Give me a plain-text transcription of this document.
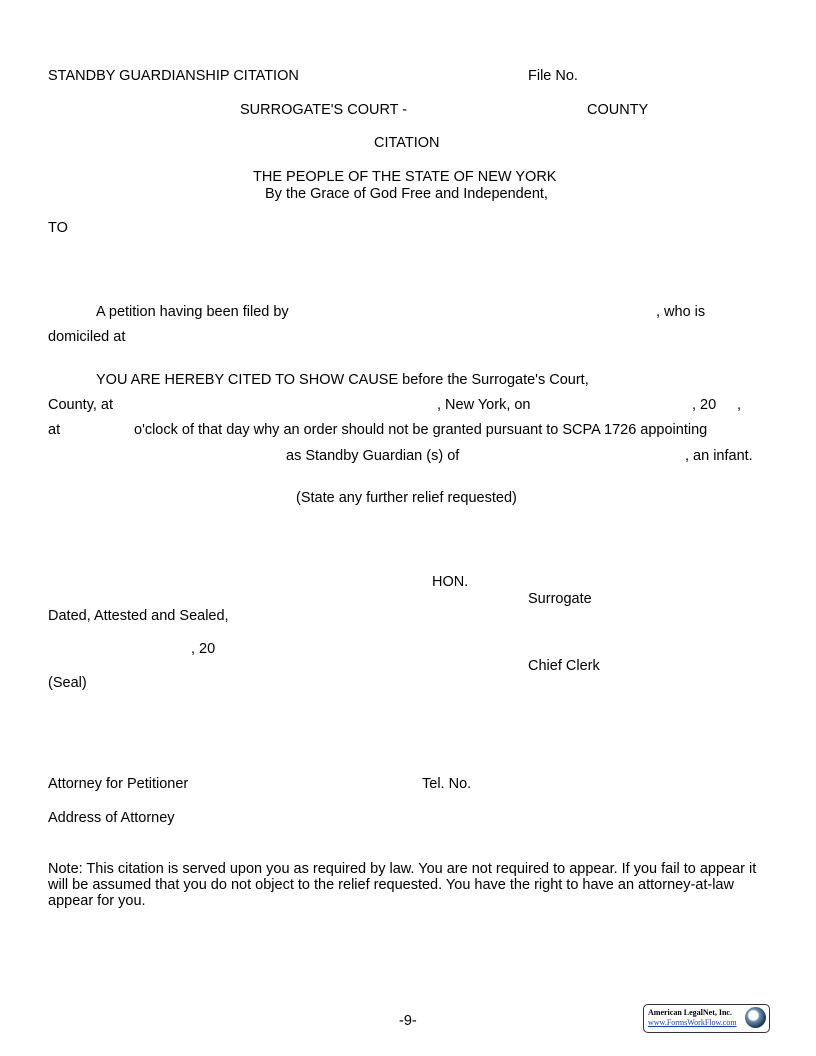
STANDBY GUARDIANSHIP CITATION	File No.
SURROGATE'S COURT -	COUNTY
CITATION
THE PEOPLE OF THE STATE OF NEW YORK
By the Grace of God Free and Independent,
TO
A petition having been filed by	, who is
domiciled at
YOU ARE HEREBY CITED TO SHOW CAUSE before the Surrogate's Court,
County, at	, New York, on	, 20 ,
at	o'clock of that day why an order should not be granted pursuant to SCPA 1726 appointing
as Standby Guardian (s) of	, an infant.
(State any further relief requested)
HON.
Surrogate
Dated, Attested and Sealed,
, 20
Chief Clerk
(Seal)
Attorney for Petitioner	Tel. No.
Address of Attorney
Note: This citation is served upon you as required by law. You are not required to appear. If you fail to appear it will be assumed that you do not object to the relief requested. You have the right to have an attorney-at-law appear for you.
-9-
American LegalNet, Inc.
www.FormsWorkFlow.com
